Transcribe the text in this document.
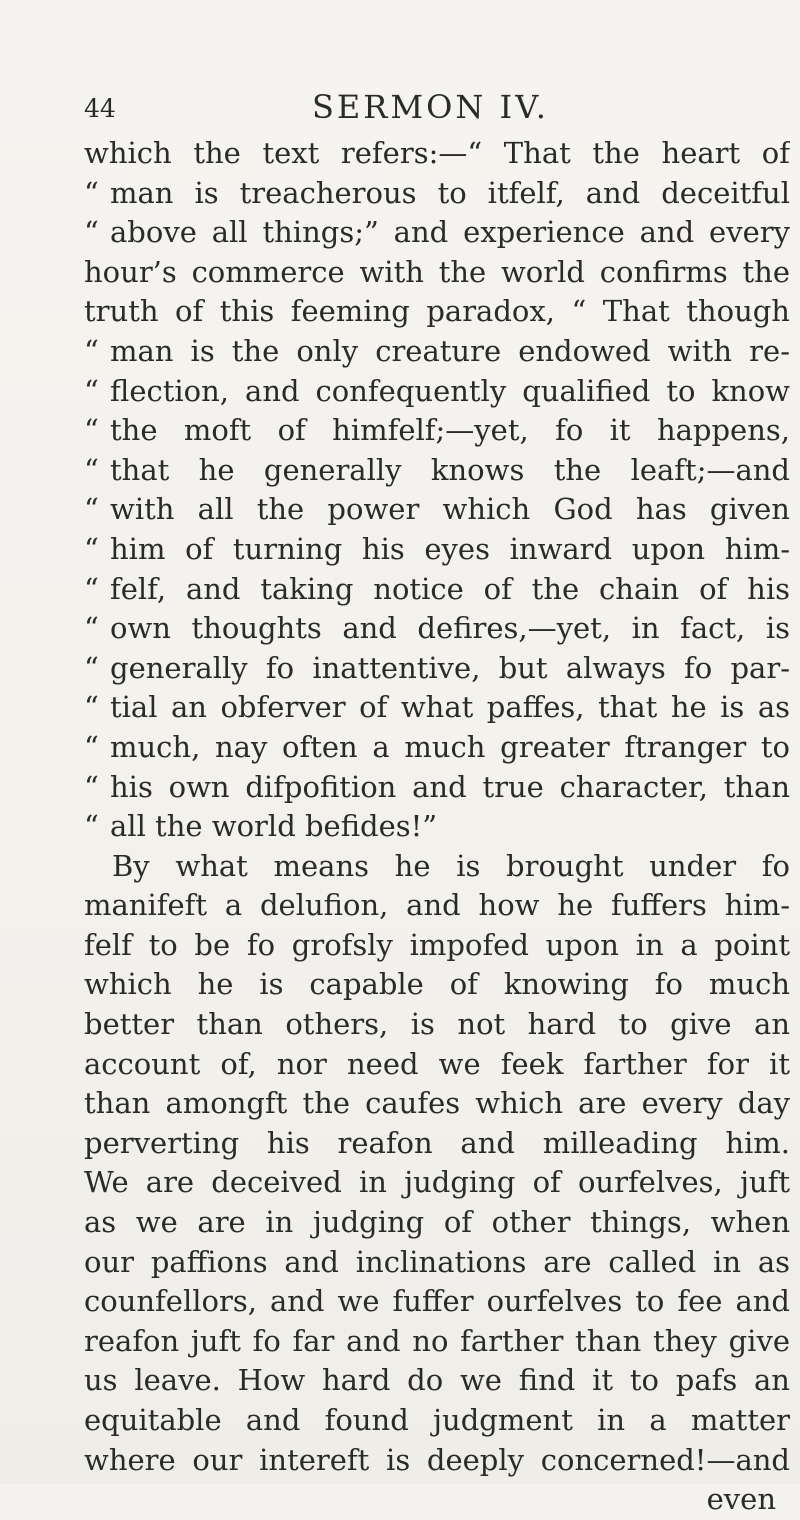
44	SERMON IV.
which the text refers:—“ That the heart of
“ man is treacherous to itfelf, and deceitful
“ above all things;” and experience and every
hour’s commerce with the world confirms the
truth of this feeming paradox, “ That though
“ man is the only creature endowed with re-
“ flection, and confequently qualified to know
“ the moft of himfelf;—yet, fo it happens,
“ that he generally knows the leaft;—and
“ with all the power which God has given
“ him of turning his eyes inward upon him-
“ felf, and taking notice of the chain of his
“ own thoughts and defires,—yet, in fact, is
“ generally fo inattentive, but always fo par-
“ tial an obferver of what paffes, that he is as
“ much, nay often a much greater ftranger to
“ his own difpofition and true character, than
“ all the world befides!”
By what means he is brought under fo
manifeft a delufion, and how he fuffers him-
felf to be fo grofsly impofed upon in a point
which he is capable of knowing fo much
better than others, is not hard to give an
account of, nor need we feek farther for it
than amongft the caufes which are every day
perverting his reafon and milleading him.
We are deceived in judging of ourfelves, juft
as we are in judging of other things, when
our paffions and inclinations are called in as
counfellors, and we fuffer ourfelves to fee and
reafon juft fo far and no farther than they give
us leave. How hard do we find it to pafs an
equitable and found judgment in a matter
where our intereft is deeply concerned!—and
even
